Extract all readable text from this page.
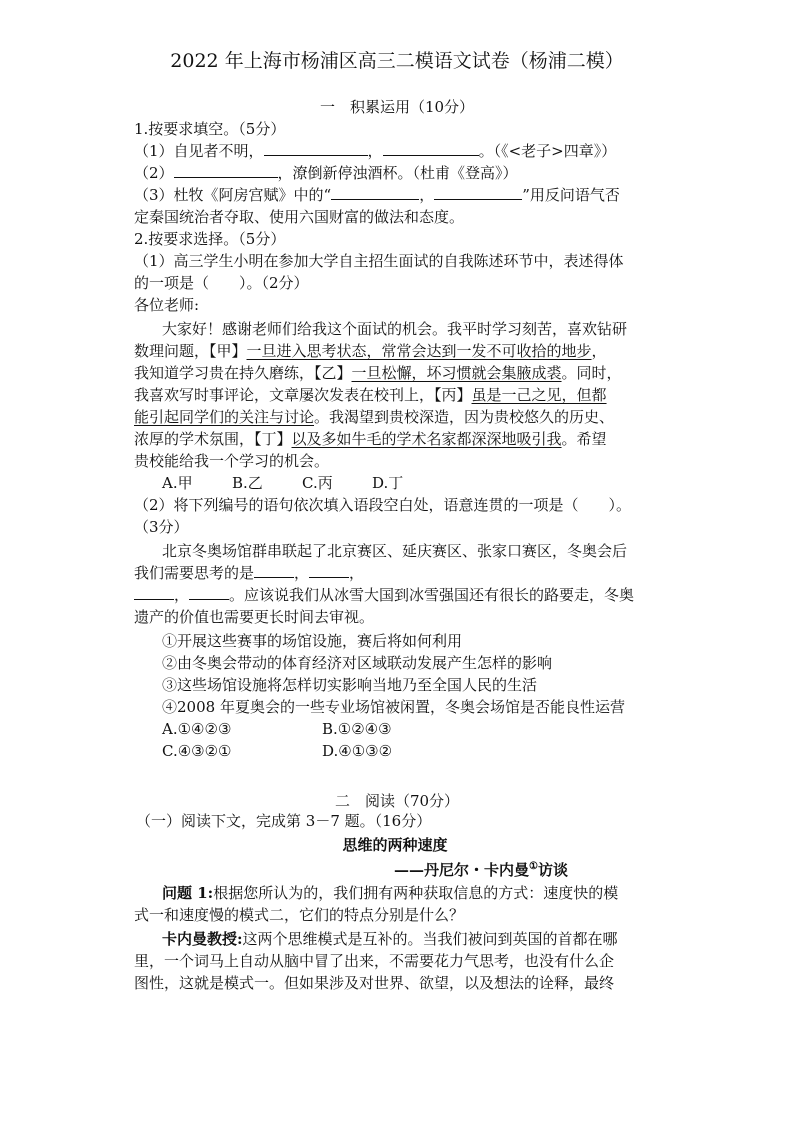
2022 年上海市杨浦区高三二模语文试卷（杨浦二模）
一　积累运用（10分）
1.按要求填空。（5分）
（1）自见者不明，	，	。（《<老子>四章》）
（2）	，潦倒新停浊酒杯。（杜甫《登高》）
（3）杜牧《阿房宫赋》中的“	，	”用反问语气否
定秦国统治者夺取、使用六国财富的做法和态度。
2.按要求选择。（5分）
（1）高三学生小明在参加大学自主招生面试的自我陈述环节中，表述得体
的一项是（　　）。（2分）
各位老师:
大家好！感谢老师们给我这个面试的机会。我平时学习刻苦，喜欢钻研
数理问题，【甲】一旦进入思考状态，常常会达到一发不可收拾的地步，
我知道学习贵在持久磨练，【乙】一旦松懈，坏习惯就会集腋成裘。同时，
我喜欢写时事评论，文章屡次发表在校刊上，【丙】虽是一己之见，但都
能引起同学们的关注与讨论。我渴望到贵校深造，因为贵校悠久的历史、
浓厚的学术氛围，【丁】以及多如牛毛的学术名家都深深地吸引我。希望
贵校能给我一个学习的机会。
A.甲	B.乙	C.丙	D.丁
（2）将下列编号的语句依次填入语段空白处，语意连贯的一项是（　　）。
（3分）
北京冬奥场馆群串联起了北京赛区、延庆赛区、张家口赛区，冬奥会后
我们需要思考的是	，	，
，	。应该说我们从冰雪大国到冰雪强国还有很长的路要走，冬奥
遗产的价值也需要更长时间去审视。
①开展这些赛事的场馆设施，赛后将如何利用
②由冬奥会带动的体育经济对区域联动发展产生怎样的影响
③这些场馆设施将怎样切实影响当地乃至全国人民的生活
④2008 年夏奥会的一些专业场馆被闲置，冬奥会场馆是否能良性运营
A.①④②③	B.①②④③
C.④③②①	D.④①③②
二　阅读（70分）
（一）阅读下文，完成第 3－7 题。（16分）
思维的两种速度
——丹尼尔・卡内曼①访谈
问题 1:根据您所认为的，我们拥有两种获取信息的方式：速度快的模
式一和速度慢的模式二，它们的特点分别是什么？
卡内曼教授:这两个思维模式是互补的。当我们被问到英国的首都在哪
里，一个词马上自动从脑中冒了出来，不需要花力气思考，也没有什么企
图性，这就是模式一。但如果涉及对世界、欲望，以及想法的诠释，最终
